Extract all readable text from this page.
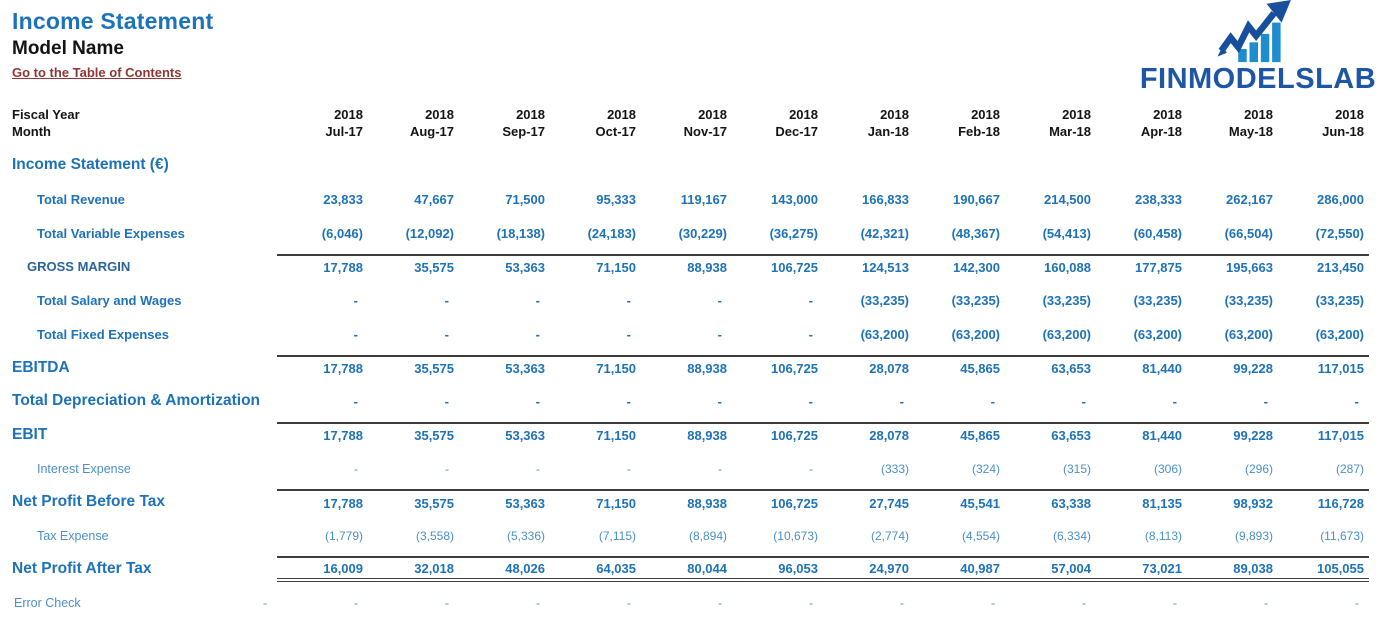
Income Statement
Model Name
Go to the Table of Contents	FINMODELSLAB
Fiscal Year	2018	2018	2018	2018	2018	2018	2018	2018	2018	2018	2018	2018
Month	Jul-17	Aug-17	Sep-17	Oct-17	Nov-17	Dec-17	Jan-18	Feb-18	Mar-18	Apr-18	May-18	Jun-18
Income Statement (€)
Total Revenue	23,833	47,667	71,500	95,333	119,167	143,000	166,833	190,667	214,500	238,333	262,167	286,000
Total Variable Expenses	(6,046)	(12,092)	(18,138)	(24,183)	(30,229)	(36,275)	(42,321)	(48,367)	(54,413)	(60,458)	(66,504)	(72,550)
GROSS MARGIN	17,788	35,575	53,363	71,150	88,938	106,725	124,513	142,300	160,088	177,875	195,663	213,450
Total Salary and Wages	-	-	-	-	-	-	(33,235)	(33,235)	(33,235)	(33,235)	(33,235)	(33,235)
Total Fixed Expenses	-	-	-	-	-	-	(63,200)	(63,200)	(63,200)	(63,200)	(63,200)	(63,200)
EBITDA	17,788	35,575	53,363	71,150	88,938	106,725	28,078	45,865	63,653	81,440	99,228	117,015
Total Depreciation & Amortization	-	-	-	-	-	-	-	-	-	-	-	-
EBIT	17,788	35,575	53,363	71,150	88,938	106,725	28,078	45,865	63,653	81,440	99,228	117,015
Interest Expense	-	-	-	-	-	-	(333)	(324)	(315)	(306)	(296)	(287)
Net Profit Before Tax	17,788	35,575	53,363	71,150	88,938	106,725	27,745	45,541	63,338	81,135	98,932	116,728
Tax Expense	(1,779)	(3,558)	(5,336)	(7,115)	(8,894)	(10,673)	(2,774)	(4,554)	(6,334)	(8,113)	(9,893)	(11,673)
Net Profit After Tax	16,009	32,018	48,026	64,035	80,044	96,053	24,970	40,987	57,004	73,021	89,038	105,055
Error Check	-	-	-	-	-	-	-	-	-	-	-	-	-
